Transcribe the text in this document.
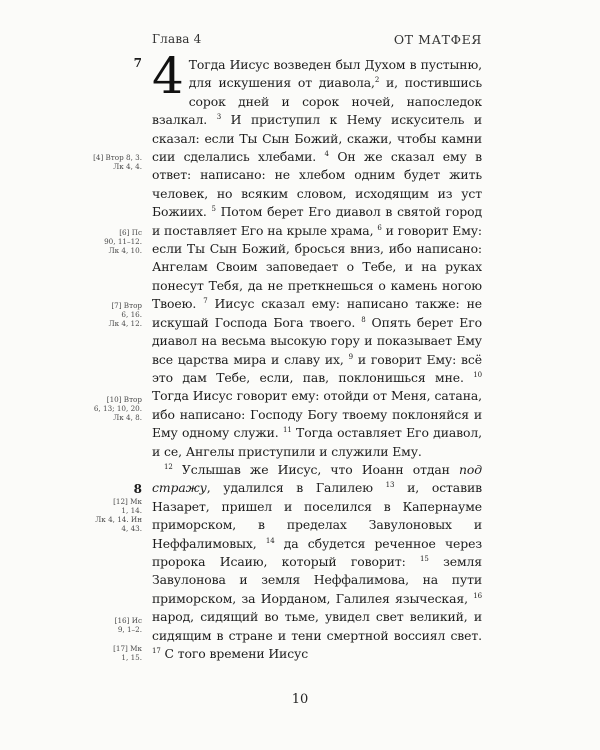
Глава 4	ОТ МАТФЕЯ
7
[4] Втор 8, 3.
Лк 4, 4.
[6] Пс
90, 11–12.
Лк 4, 10.
[7] Втор
6, 16.
Лк 4, 12.
[10] Втор
6, 13; 10, 20.
Лк 4, 8.
8
[12] Мк
1, 14.
Лк 4, 14. Ин
4, 43.
[16] Ис
9, 1–2.
[17] Мк
1, 15.

4 Тогда Иисус возведен был Духом в пустыню, для искушения от диавола,$^2$ и, постившись сорок дней и сорок ночей, напоследок взалкал. $^3$ И приступил к Нему искуситель и сказал: если Ты Сын Божий, скажи, чтобы камни сии сделались хлебами. $^4$ Он же сказал ему в ответ: написано: не хлебом одним будет жить человек, но всяким словом, исходящим из уст Божиих. $^5$ Потом берет Его диавол в святой город и поставляет Его на крыле храма, $^6$ и говорит Ему: если Ты Сын Божий, бросься вниз, ибо написано: Ангелам Своим заповедает о Тебе, и на руках понесут Тебя, да не преткнешься о камень ногою Твоею. $^7$ Иисус сказал ему: написано также: не искушай Господа Бога твоего. $^8$ Опять берет Его диавол на весьма высокую гору и показывает Ему все царства мира и славу их, $^9$ и говорит Ему: всё это дам Тебе, если, пав, поклонишься мне. $^{10}$ Тогда Иисус говорит ему: отойди от Меня, сатана, ибо написано: Господу Богу твоему поклоняйся и Ему одному служи. $^{11}$ Тогда оставляет Его диавол, и се, Ангелы приступили и служили Ему.

$^{12}$ Услышав же Иисус, что Иоанн отдан под стражу, удалился в Галилею $^{13}$ и, оставив Назарет, пришел и поселился в Капернауме приморском, в пределах Завулоновых и Неффалимовых, $^{14}$ да сбудется реченное через пророка Исаию, который говорит: $^{15}$ земля Завулонова и земля Неффалимова, на пути приморском, за Иорданом, Галилея языческая, $^{16}$ народ, сидящий во тьме, увидел свет великий, и сидящим в стране и тени смертной воссиял свет. $^{17}$ С того времени Иисус

10
